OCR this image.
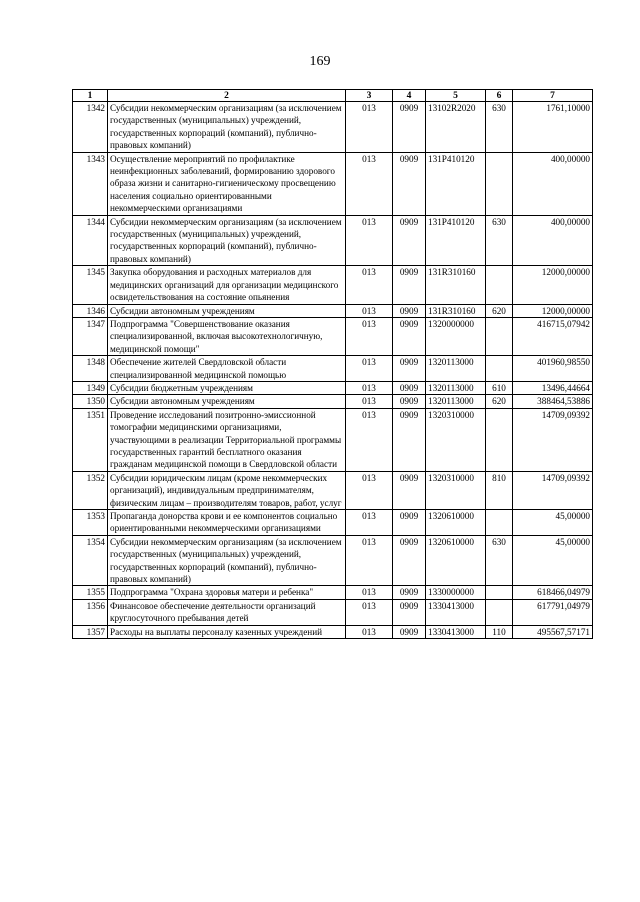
169
1	2	3	4	5	6	7
1342	Субсидии некоммерческим организациям (за исключением государственных (муниципальных) учреждений, государственных корпораций (компаний), публично-правовых компаний)	013	0909	13102R2020	630	1761,10000
1343	Осуществление мероприятий по профилактике неинфекционных заболеваний, формированию здорового образа жизни и санитарно-гигиеническому просвещению населения социально ориентированными некоммерческими организациями	013	0909	131P410120		400,00000
1344	Субсидии некоммерческим организациям (за исключением государственных (муниципальных) учреждений, государственных корпораций (компаний), публично-правовых компаний)	013	0909	131P410120	630	400,00000
1345	Закупка оборудования и расходных материалов для медицинских организаций для организации медицинского освидетельствования на состояние опьянения	013	0909	131R310160		12000,00000
1346	Субсидии автономным учреждениям	013	0909	131R310160	620	12000,00000
1347	Подпрограмма "Совершенствование оказания специализированной, включая высокотехнологичную, медицинской помощи"	013	0909	1320000000		416715,07942
1348	Обеспечение жителей Свердловской области специализированной медицинской помощью	013	0909	1320113000		401960,98550
1349	Субсидии бюджетным учреждениям	013	0909	1320113000	610	13496,44664
1350	Субсидии автономным учреждениям	013	0909	1320113000	620	388464,53886
1351	Проведение исследований позитронно-эмиссионной томографии медицинскими организациями, участвующими в реализации Территориальной программы государственных гарантий бесплатного оказания гражданам медицинской помощи в Свердловской области	013	0909	1320310000		14709,09392
1352	Субсидии юридическим лицам (кроме некоммерческих организаций), индивидуальным предпринимателям, физическим лицам – производителям товаров, работ, услуг	013	0909	1320310000	810	14709,09392
1353	Пропаганда донорства крови и ее компонентов социально ориентированными некоммерческими организациями	013	0909	1320610000		45,00000
1354	Субсидии некоммерческим организациям (за исключением государственных (муниципальных) учреждений, государственных корпораций (компаний), публично-правовых компаний)	013	0909	1320610000	630	45,00000
1355	Подпрограмма "Охрана здоровья матери и ребенка"	013	0909	1330000000		618466,04979
1356	Финансовое обеспечение деятельности организаций круглосуточного пребывания детей	013	0909	1330413000		617791,04979
1357	Расходы на выплаты персоналу казенных учреждений	013	0909	1330413000	110	495567,57171
